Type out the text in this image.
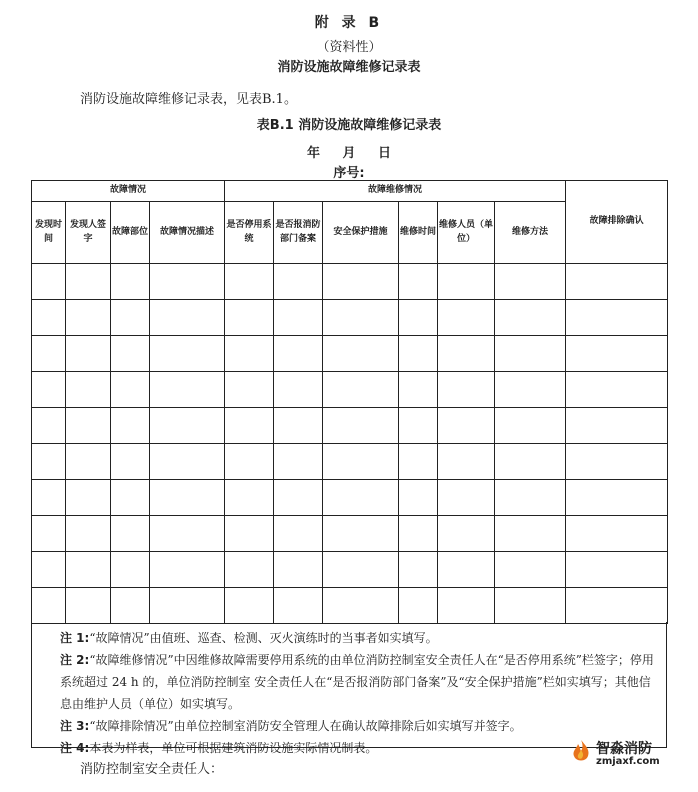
附 录 B
（资料性）
消防设施故障维修记录表
消防设施故障维修记录表，见表B.1。
表B.1 消防设施故障维修记录表
年 月 日
序号:
故障情况				故障维修情况						故障排除确认
发现时间	发现人签字	故障部位	故障情况描述	是否停用系统	是否报消防部门备案	安全保护措施	维修时间	维修人员（单位）	维修方法	

注 1:“故障情况”由值班、巡查、检测、灭火演练时的当事者如实填写。

注 2:“故障维修情况”中因维修故障需要停用系统的由单位消防控制室安全责任人在“是否停用系统”栏签字；停用系统超过 24 h 的，单位消防控制室 安全责任人在“是否报消防部门备案”及“安全保护措施”栏如实填写；其他信息由维护人员（单位）如实填写。

注 3:“故障排除情况”由单位控制室消防安全管理人在确认故障排除后如实填写并签字。

注 4:本表为样表，单位可根据建筑消防设施实际情况制表。

消防控制室安全责任人：
智淼消防
zmjaxf.com
